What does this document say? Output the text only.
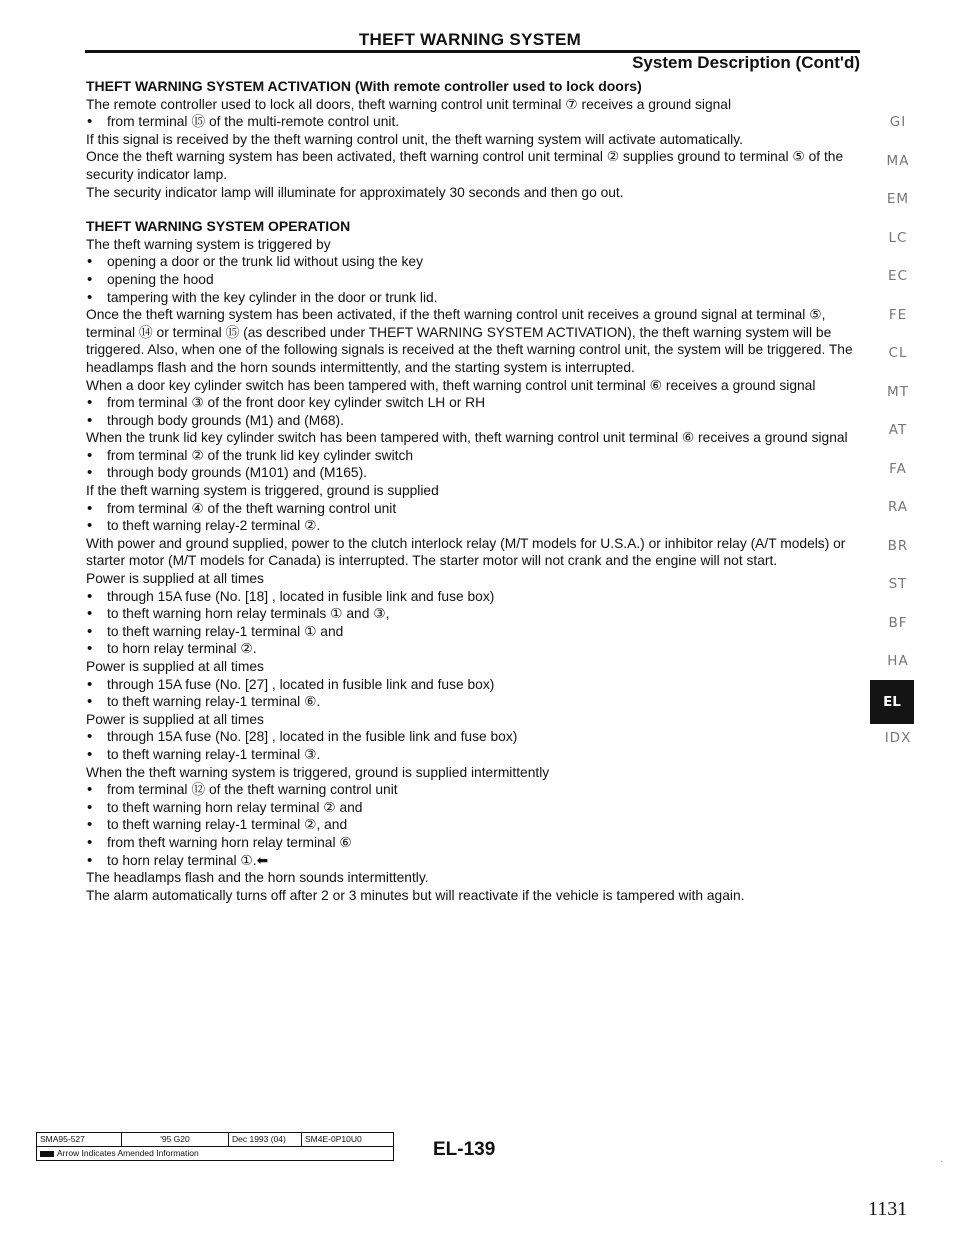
THEFT WARNING SYSTEM
System Description (Cont'd)

THEFT WARNING SYSTEM ACTIVATION (With remote controller used to lock doors)

The remote controller used to lock all doors, theft warning control unit terminal ⑦ receives a ground signal

• from terminal ⑮ of the multi-remote control unit.

If this signal is received by the theft warning control unit, the theft warning system will activate automatically.

Once the theft warning system has been activated, theft warning control unit terminal ② supplies ground to terminal ⑤ of the security indicator lamp.

The security indicator lamp will illuminate for approximately 30 seconds and then go out.

THEFT WARNING SYSTEM OPERATION

The theft warning system is triggered by

• opening a door or the trunk lid without using the key

• opening the hood

• tampering with the key cylinder in the door or trunk lid.

Once the theft warning system has been activated, if the theft warning control unit receives a ground signal at terminal ⑤, terminal ⑭ or terminal ⑮ (as described under THEFT WARNING SYSTEM ACTIVATION), the theft warning system will be triggered. Also, when one of the following signals is received at the theft warning control unit, the system will be triggered. The headlamps flash and the horn sounds intermittently, and the starting system is interrupted.

When a door key cylinder switch has been tampered with, theft warning control unit terminal ⑥ receives a ground signal

• from terminal ③ of the front door key cylinder switch LH or RH

• through body grounds (M1) and (M68).

When the trunk lid key cylinder switch has been tampered with, theft warning control unit terminal ⑥ receives a ground signal

• from terminal ② of the trunk lid key cylinder switch

• through body grounds (M101) and (M165).

If the theft warning system is triggered, ground is supplied

• from terminal ④ of the theft warning control unit

• to theft warning relay-2 terminal ②.

With power and ground supplied, power to the clutch interlock relay (M/T models for U.S.A.) or inhibitor relay (A/T models) or starter motor (M/T models for Canada) is interrupted. The starter motor will not crank and the engine will not start.

Power is supplied at all times

• through 15A fuse (No. [18] , located in fusible link and fuse box)

• to theft warning horn relay terminals ① and ③,

• to theft warning relay-1 terminal ① and

• to horn relay terminal ②.

Power is supplied at all times

• through 15A fuse (No. [27] , located in fusible link and fuse box)

• to theft warning relay-1 terminal ⑥.

Power is supplied at all times

• through 15A fuse (No. [28] , located in the fusible link and fuse box)

• to theft warning relay-1 terminal ③.

When the theft warning system is triggered, ground is supplied intermittently

• from terminal ⑫ of the theft warning control unit

• to theft warning horn relay terminal ② and

• to theft warning relay-1 terminal ②, and

• from theft warning horn relay terminal ⑥

• to horn relay terminal ①.⬅

The headlamps flash and the horn sounds intermittently.

The alarm automatically turns off after 2 or 3 minutes but will reactivate if the vehicle is tampered with again.

GI
MA
EM
LC
EC
FE
CL
MT
AT
FA
RA
BR
ST
BF
HA
EL
IDX
SMA95-527	'95 G20	Dec 1993 (04)	SM4E-0P10U0
Arrow Indicates Amended Information	EL-139
·
1131
